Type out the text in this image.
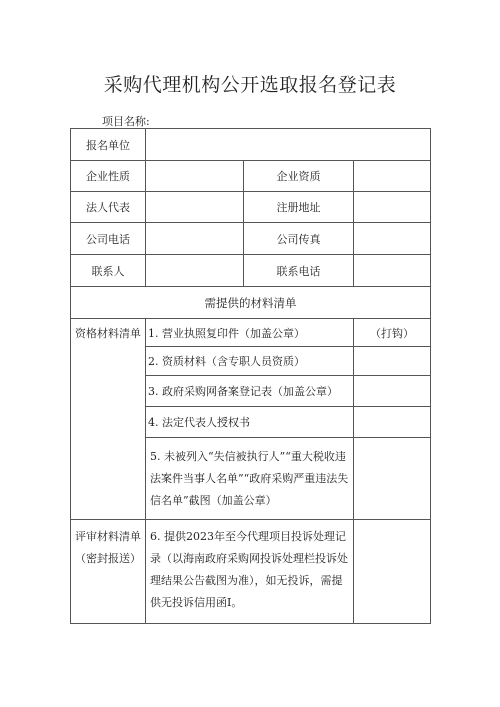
采购代理机构公开选取报名登记表
项目名称:
报名单位			
企业性质		企业资质	
法人代表		注册地址	
公司电话		公司传真	
联系人		联系电话	
需提供的材料清单			
资格材料清单	1. 营业执照复印件（加盖公章）		（打钩）
	2. 资质材料（含专职人员资质）		
	3. 政府采购网备案登记表（加盖公章）		
	4. 法定代表人授权书		
	5. 未被列入“失信被执行人”“重大税收违法案件当事人名单”“政府采购严重违法失信名单”截图（加盖公章）		
评审材料清单（密封报送）	6. 提供2023年至今代理项目投诉处理记录（以海南政府采购网投诉处理栏投诉处理结果公告截图为准），如无投诉，需提供无投诉信用函I。		
